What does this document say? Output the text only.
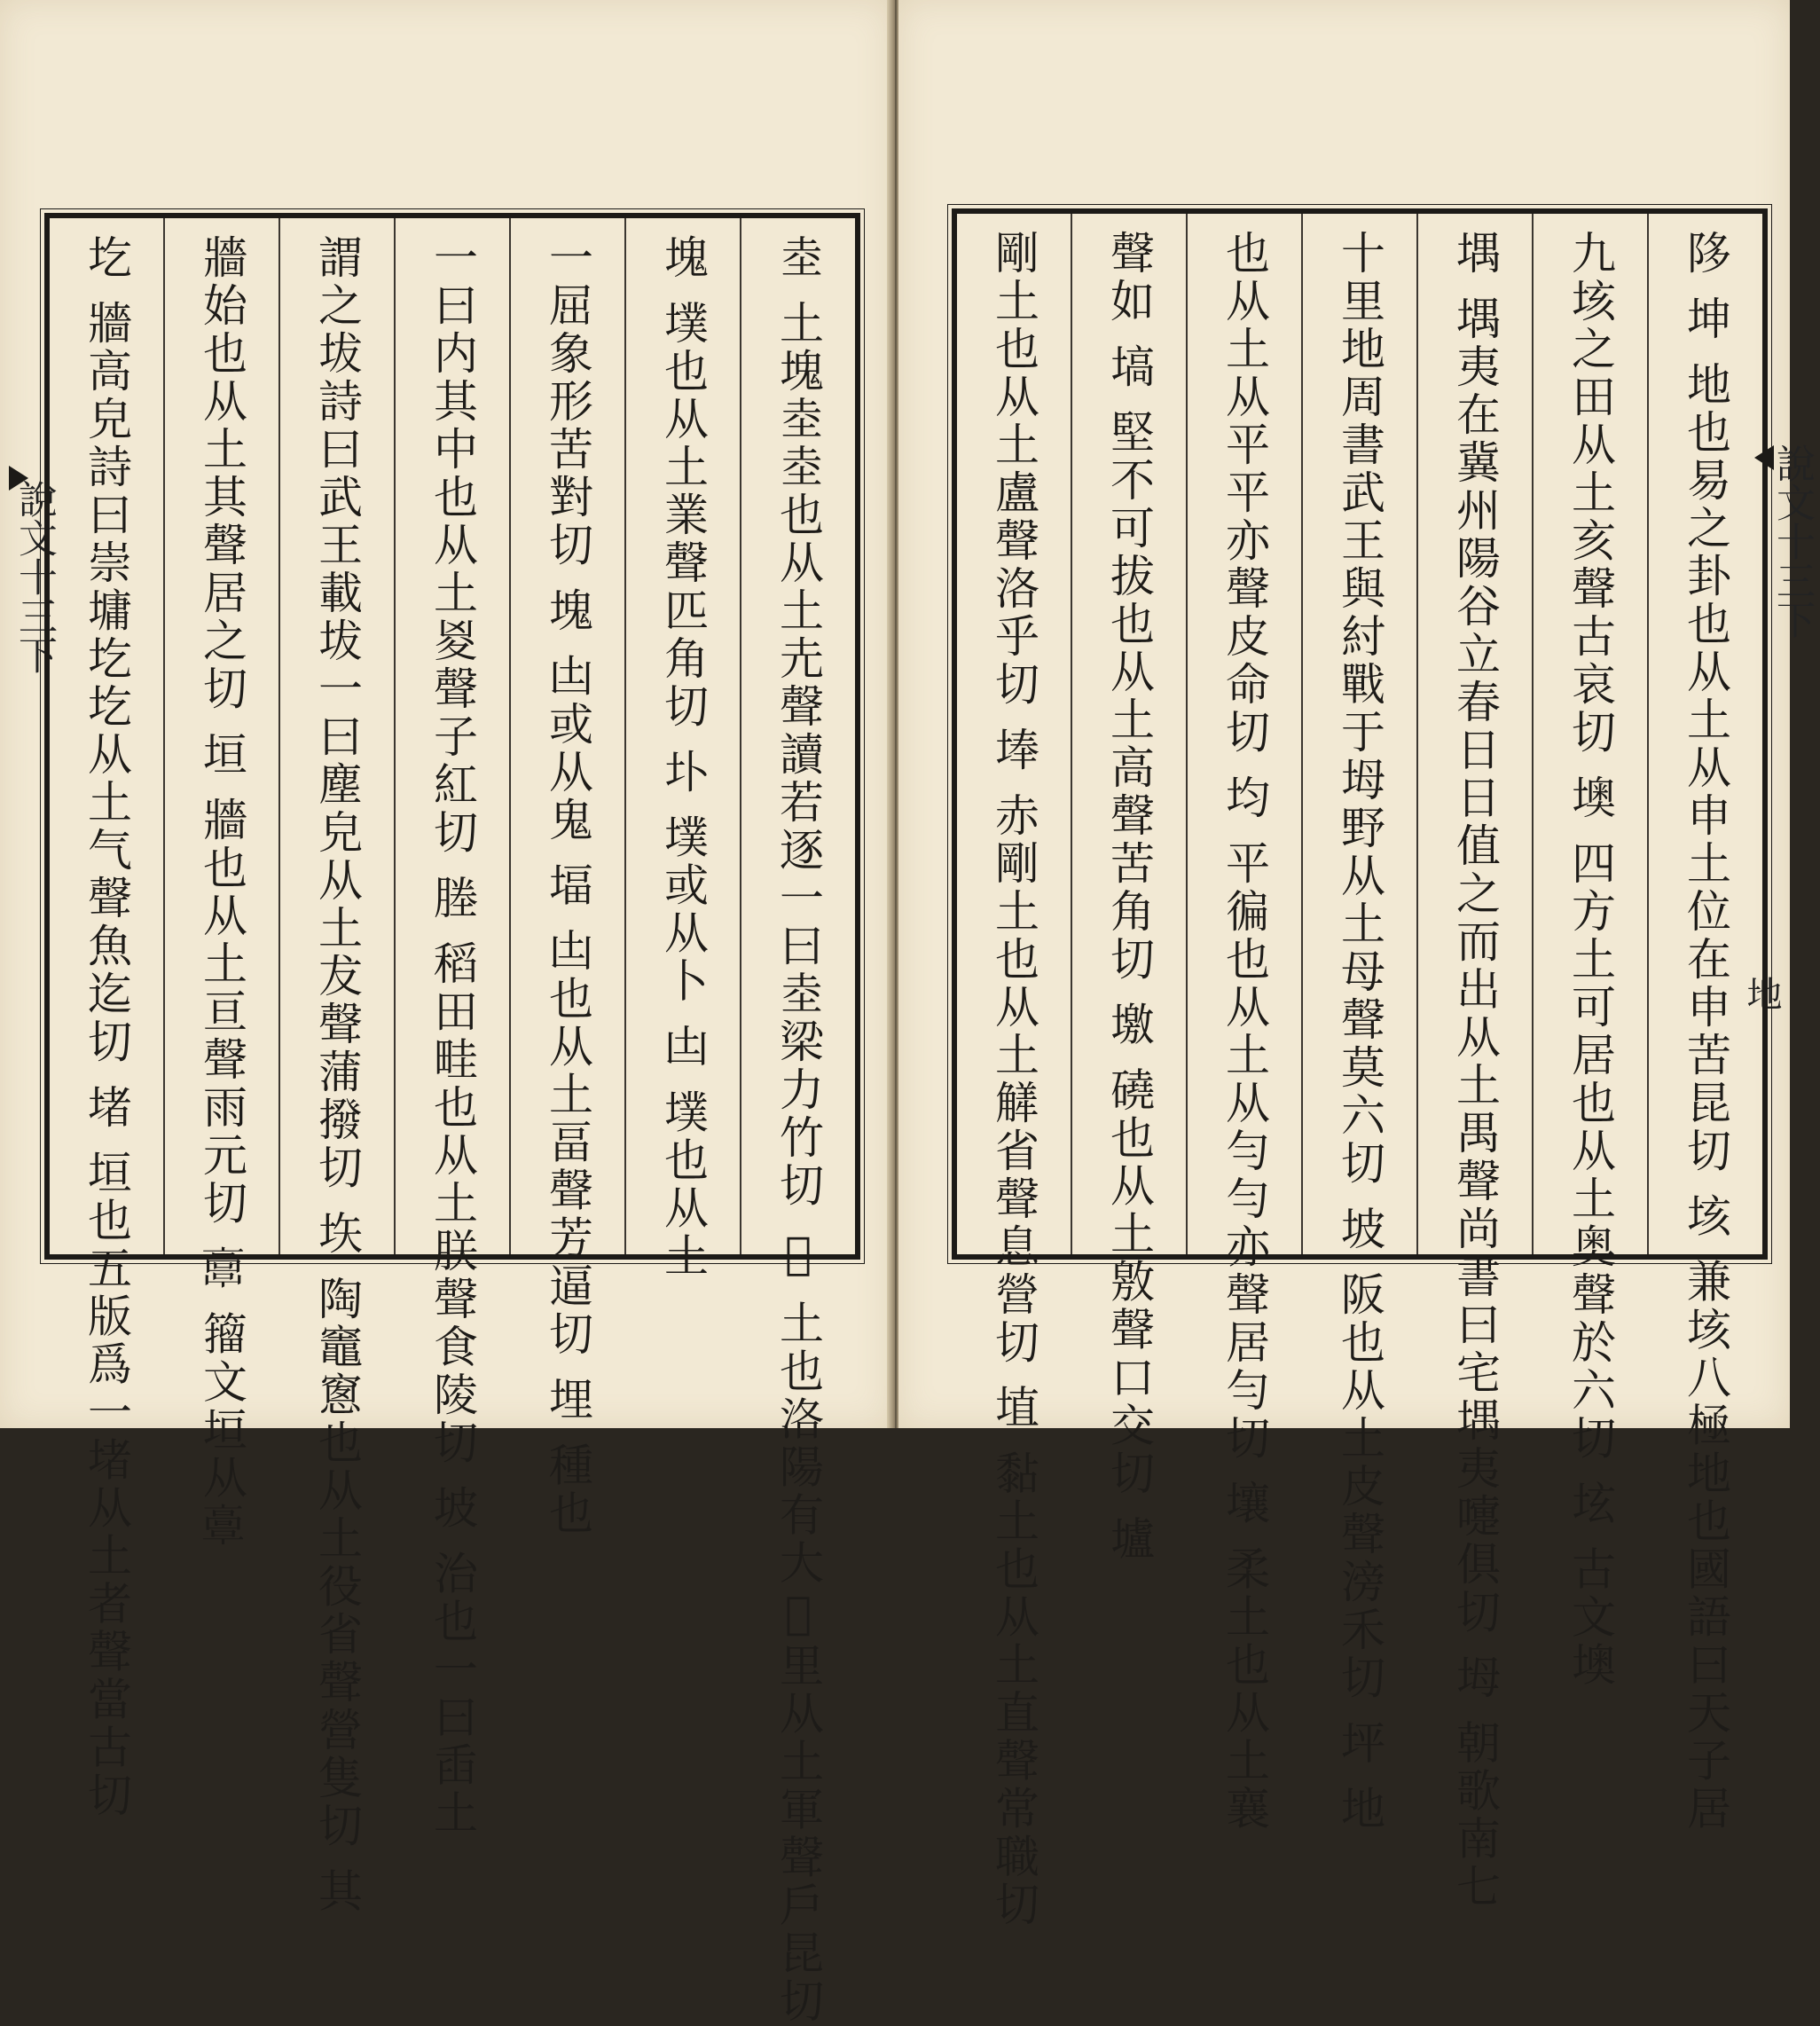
說文十三下	坴 土塊坴坴也从土圥聲讀若逐一曰坴梁力竹切 𡋃 土也洛陽有大𡋃里从土軍聲戶昆切
塊 墣也从土業聲匹角切 圤 墣或从卜 凷 墣也从土
一屈象形苦對切 塊 凷或从鬼 堛 凷也从土畐聲芳逼切 埋 種也
一曰内其中也从土㚇聲子紅切 塍 稻田畦也从土朕聲食陵切 坡 治也一曰臿土
謂之坺詩曰武王載坺一曰塵皃从土犮聲蒲撥切 垁 陶竈窻也从土役省聲營隻切 其
牆始也从土其聲居之切 垣 牆也从土亘聲雨元切 𩫖 籀文垣从𩫏
圪 牆高皃詩曰崇墉圪圪从土气聲魚迄切 堵 垣也五版爲一堵从土者聲當古切	說文十三下
地
陊 坤 地也易之卦也从土从申土位在申苦昆切 垓 兼垓八極地也國語曰天子居
九垓之田从土亥聲古哀切 墺 四方土可居也从土奥聲於六切 𡊨 古文墺
堣 堣夷在冀州陽谷立春日日值之而出从土禺聲尚書曰宅堣夷嚏俱切 坶 朝歌南七
十里地周書武王與紂戰于坶野从土母聲莫六切 坡 阪也从土皮聲滂禾切 坪 地
也从土从平平亦聲皮命切 均 平徧也从土从勻勻亦聲居勻切 壤 柔土也从土襄
聲如 塙 堅不可拔也从土高聲苦角切 墽 磽也从土敫聲口交切 壚
剛土也从土盧聲洛乎切 埲 赤剛土也从土觲省聲息營切 埴 黏土也从土直聲常職切
